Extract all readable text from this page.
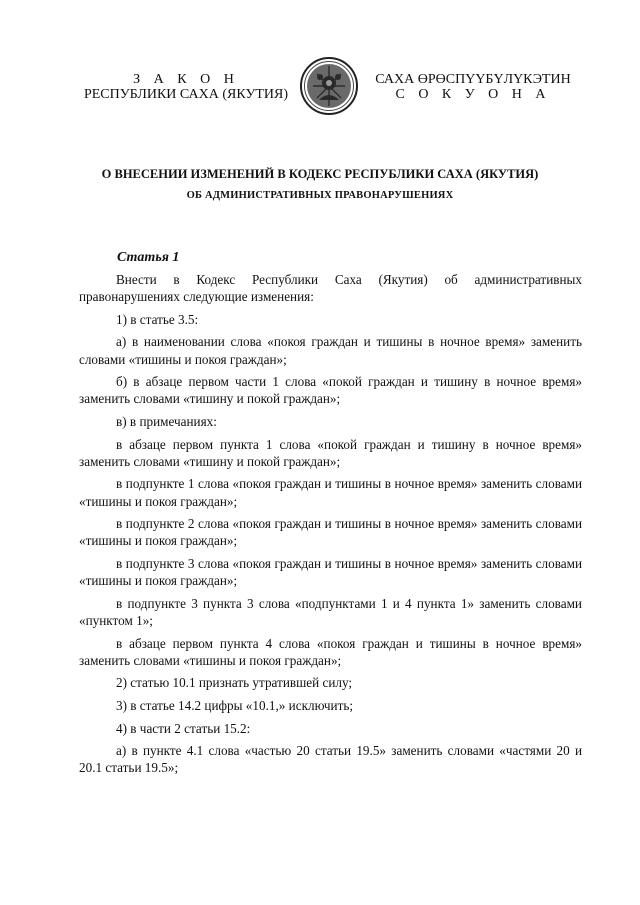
З А К О Н
РЕСПУБЛИКИ САХА (ЯКУТИЯ)
САХА ӨРӨСПҮҮБҮЛҮКЭТИН
С О К У О Н А
О ВНЕСЕНИИ ИЗМЕНЕНИЙ В КОДЕКС РЕСПУБЛИКИ САХА (ЯКУТИЯ)
ОБ АДМИНИСТРАТИВНЫХ ПРАВОНАРУШЕНИЯХ
Статья 1

Внести в Кодекс Республики Саха (Якутия) об административных правонарушениях следующие изменения:

1) в статье 3.5:

а) в наименовании слова «покоя граждан и тишины в ночное время» заменить словами «тишины и покоя граждан»;

б) в абзаце первом части 1 слова «покой граждан и тишину в ночное время» заменить словами «тишину и покой граждан»;

в) в примечаниях:

в абзаце первом пункта 1 слова «покой граждан и тишину в ночное время» заменить словами «тишину и покой граждан»;

в подпункте 1 слова «покоя граждан и тишины в ночное время» заменить словами «тишины и покоя граждан»;

в подпункте 2 слова «покоя граждан и тишины в ночное время» заменить словами «тишины и покоя граждан»;

в подпункте 3 слова «покоя граждан и тишины в ночное время» заменить словами «тишины и покоя граждан»;

в подпункте 3 пункта 3 слова «подпунктами 1 и 4 пункта 1» заменить словами «пунктом 1»;

в абзаце первом пункта 4 слова «покоя граждан и тишины в ночное время» заменить словами «тишины и покоя граждан»;

2) статью 10.1 признать утратившей силу;

3) в статье 14.2 цифры «10.1,» исключить;

4) в части 2 статьи 15.2:

а) в пункте 4.1 слова «частью 20 статьи 19.5» заменить словами «частями 20 и 20.1 статьи 19.5»;
